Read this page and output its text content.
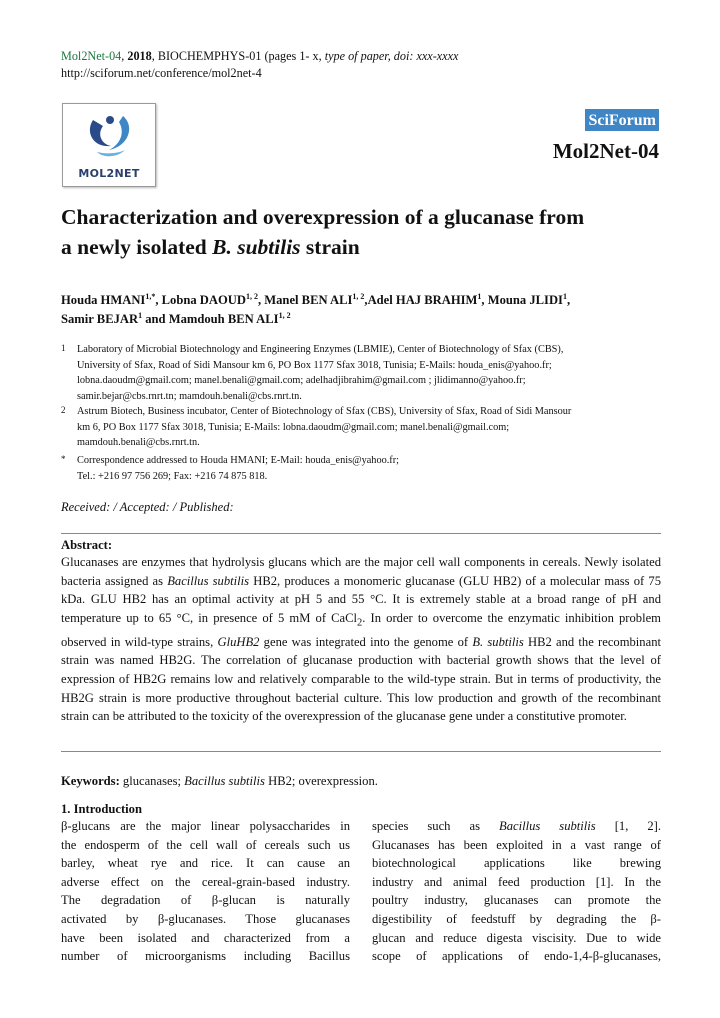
Mol2Net-04, 2018, BIOCHEMPHYS-01 (pages 1- x, type of paper, doi: xxx-xxxx
http://sciforum.net/conference/mol2net-4
MOL2NET
SciForum
Mol2Net-04
Characterization and overexpression of a glucanase from
a newly isolated B. subtilis strain
Houda $HMANI^{1,*}$, Lobna DAOUD$^{1, 2}$, Manel BEN ALI$^{1, 2}$,Adel HAJ BRAHIM$^1$, Mouna JLIDI$^1$,
Samir BEJAR$^1$ and Mamdouh BEN ALI$^{1, 2}$
1 Laboratory of Microbial Biotechnology and Engineering Enzymes (LBMIE), Center of Biotechnology of Sfax (CBS),
University of Sfax, Road of Sidi Mansour km 6, PO Box 1177 Sfax 3018, Tunisia; E-Mails: houda_enis@yahoo.fr;
lobna.daoudm@gmail.com; manel.benali@gmail.com; adelhadjibrahim@gmail.com ; jlidimanno@yahoo.fr;
samir.bejar@cbs.rnrt.tn; mamdouh.benali@cbs.rnrt.tn.
2 Astrum Biotech, Business incubator, Center of Biotechnology of Sfax (CBS), University of Sfax, Road of Sidi Mansour
km 6, PO Box 1177 Sfax 3018, Tunisia; E-Mails: lobna.daoudm@gmail.com; manel.benali@gmail.com;
mamdouh.benali@cbs.rnrt.tn.
* Correspondence addressed to Houda HMANI; E-Mail: houda_enis@yahoo.fr;
Tel.: +216 97 756 269; Fax: +216 74 875 818.
Received: / Accepted: / Published:
Abstract:
Glucanases are enzymes that hydrolysis glucans which are the major cell wall components in cereals. Newly isolated bacteria assigned as Bacillus subtilis HB2, produces a monomeric glucanase (GLU HB2) of a molecular mass of 75 kDa. GLU HB2 has an optimal activity at pH 5 and 55 °C. It is extremely stable at a broad range of pH and temperature up to 65 °C, in presence of 5 mM of CaCl$_2$. In order to overcome the enzymatic inhibition problem observed in wild-type strains, GluHB2 gene was integrated into the genome of B. subtilis HB2 and the recombinant strain was named HB2G. The correlation of glucanase production with bacterial growth shows that the level of expression of HB2G remains low and relatively comparable to the wild-type strain. But in terms of productivity, the HB2G strain is more productive throughout bacterial culture. This low production and growth of the recombinant strain can be attributed to the toxicity of the overexpression of the glucanase gene under a constitutive promoter.
Keywords: glucanases; Bacillus subtilis HB2; overexpression.
1. Introduction
β-glucans are the major linear polysaccharides in
the endosperm of the cell wall of cereals such us
barley, wheat rye and rice. It can cause an
adverse effect on the cereal-grain-based industry.
The degradation of β-glucan is naturally
activated by β-glucanases. Those glucanases
have been isolated and characterized from a
number of microorganisms including Bacillus
species such as Bacillus subtilis [1, 2].
Glucanases has been exploited in a vast range of
biotechnological applications like brewing
industry and animal feed production [1]. In the
poultry industry, glucanases can promote the
digestibility of feedstuff by degrading the β-
glucan and reduce digesta viscisity. Due to wide
scope of applications of endo-1,4-β-glucanases,
